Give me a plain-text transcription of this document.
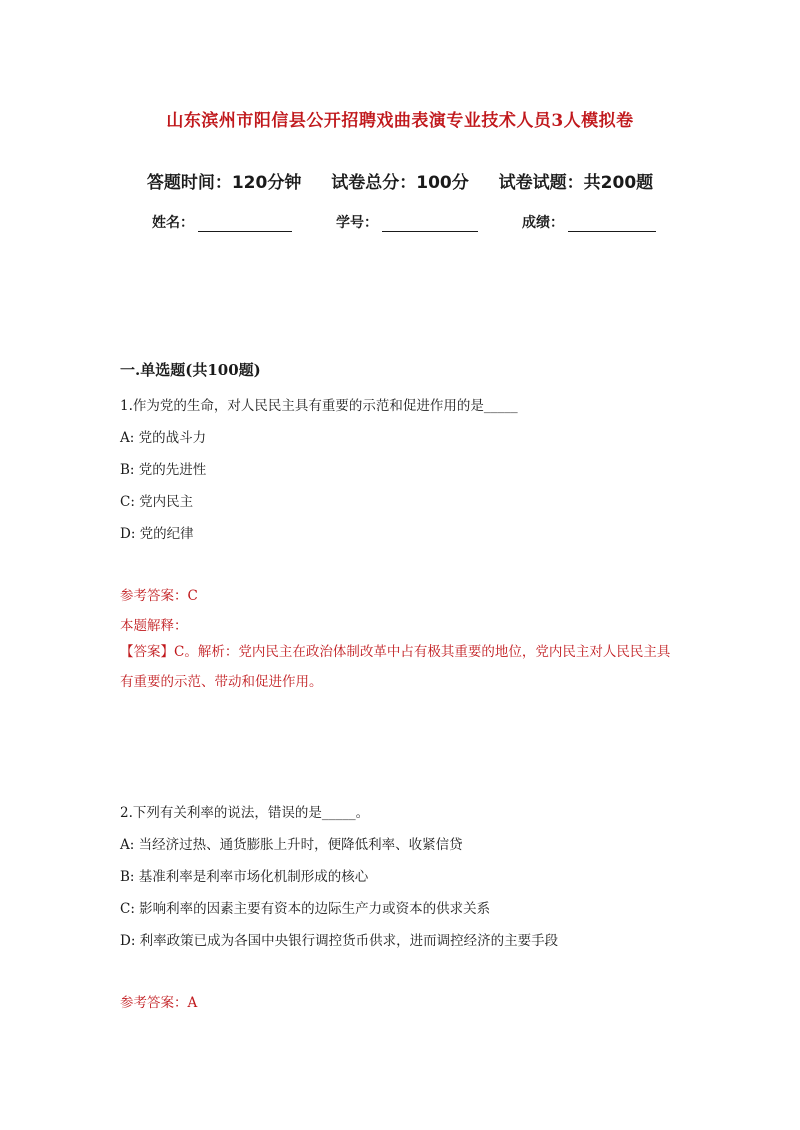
山东滨州市阳信县公开招聘戏曲表演专业技术人员3人模拟卷
答题时间：120分钟 试卷总分：100分 试卷试题：共200题
姓名：	学号：	成绩：
一.单选题(共100题)
1.作为党的生命，对人民民主具有重要的示范和促进作用的是_____
A: 党的战斗力
B: 党的先进性
C: 党内民主
D: 党的纪律
参考答案：C
本题解释：
【答案】C。解析：党内民主在政治体制改革中占有极其重要的地位，党内民主对人民民主具有重要的示范、带动和促进作用。
2.下列有关利率的说法，错误的是_____。
A: 当经济过热、通货膨胀上升时，便降低利率、收紧信贷
B: 基准利率是利率市场化机制形成的核心
C: 影响利率的因素主要有资本的边际生产力或资本的供求关系
D: 利率政策已成为各国中央银行调控货币供求，进而调控经济的主要手段
参考答案：A
